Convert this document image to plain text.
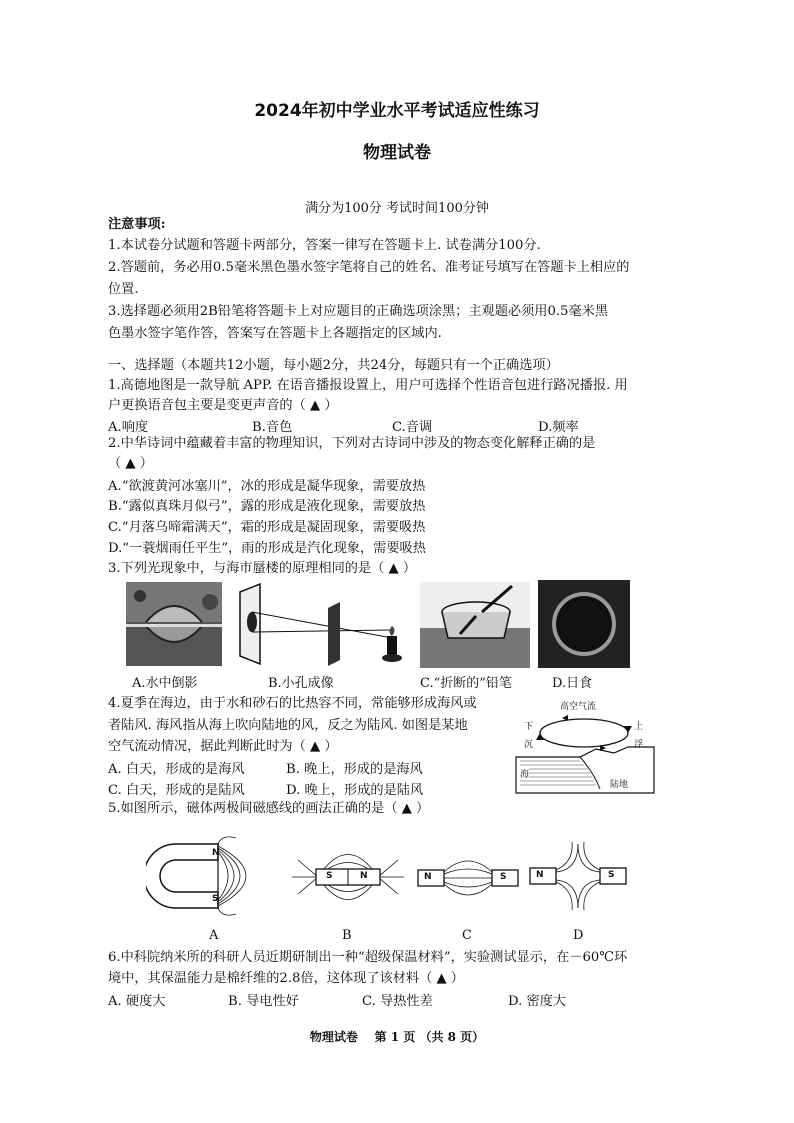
2024年初中学业水平考试适应性练习
物理试卷
满分为100分 考试时间100分钟
注意事项:
1.本试卷分试题和答题卡两部分，答案一律写在答题卡上. 试卷满分100分.
2.答题前，务必用0.5毫米黑色墨水签字笔将自己的姓名、准考证号填写在答题卡上相应的
位置.
3.选择题必须用2B铅笔将答题卡上对应题目的正确选项涂黑；主观题必须用0.5毫米黑
色墨水签字笔作答，答案写在答题卡上各题指定的区域内.
一、选择题（本题共12小题，每小题2分，共24分，每题只有一个正确选项）
1.高德地图是一款导航 APP. 在语音播报设置上，用户可选择个性语音包进行路况播报. 用
户更换语音包主要是变更声音的（ ▲ ）
A.响度	B.音色	C.音调	D.频率
2.中华诗词中蕴藏着丰富的物理知识，下列对古诗词中涉及的物态变化解释正确的是
（ ▲ ）
A.“欲渡黄河冰塞川”，冰的形成是凝华现象，需要放热
B.“露似真珠月似弓”，露的形成是液化现象，需要放热
C.“月落乌啼霜满天”，霜的形成是凝固现象，需要吸热
D.“一蓑烟雨任平生”，雨的形成是汽化现象，需要吸热
3.下列光现象中，与海市蜃楼的原理相同的是（ ▲ ）
A.水中倒影	B.小孔成像	C.“折断的”铅笔	D.日食
4.夏季在海边，由于水和砂石的比热容不同，常能够形成海风或
者陆风. 海风指从海上吹向陆地的风，反之为陆风. 如图是某地
空气流动情况，据此判断此时为（ ▲ ）
A. 白天，形成的是海风	B. 晚上，形成的是海风
C. 白天，形成的是陆风	D. 晚上，形成的是陆风
高空气流
下
沉
上
浮
海
陆地
5.如图所示，磁体两极间磁感线的画法正确的是（ ▲ ）
N
S
S	N	N	S	N	S
A	B	C	D
6.中科院纳米所的科研人员近期研制出一种“超级保温材料”，实验测试显示，在－60℃环
境中，其保温能力是棉纤维的2.8倍，这体现了该材料（ ▲ ）
A. 硬度大	B. 导电性好	C. 导热性差	D. 密度大
物理试卷    第 1 页 （共 8 页）
